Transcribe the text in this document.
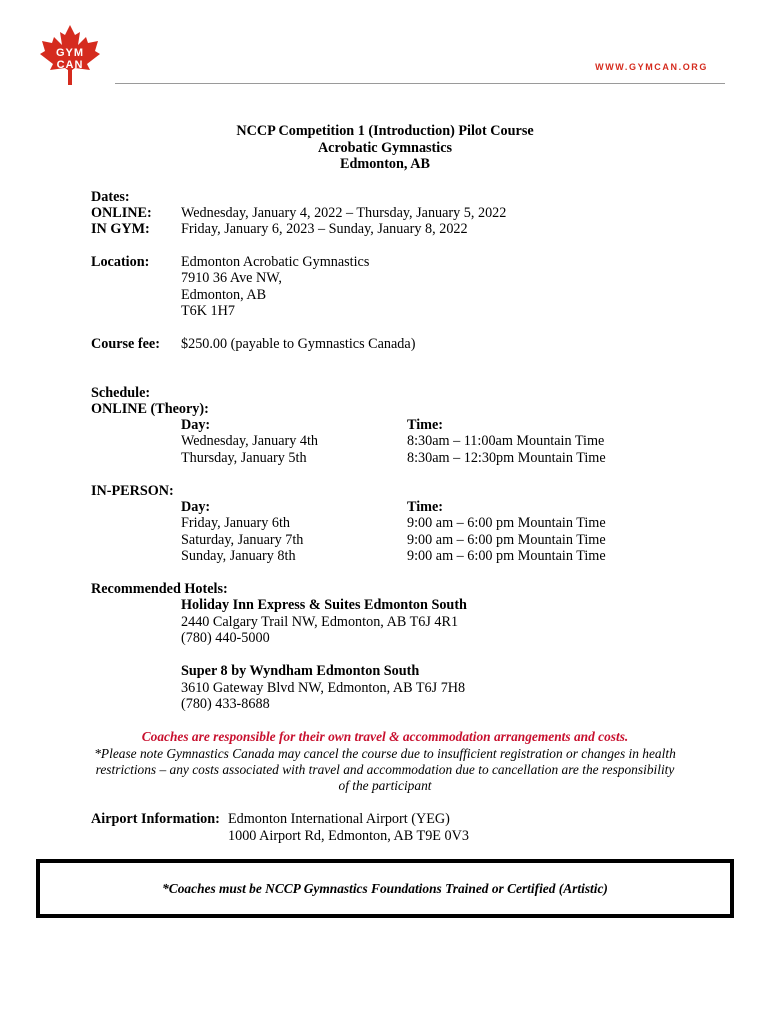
GYM
CAN	WWW.GYMCAN.ORG
NCCP Competition 1 (Introduction) Pilot Course
Acrobatic Gymnastics
Edmonton, AB
Dates:
ONLINE: Wednesday, January 4, 2022 – Thursday, January 5, 2022
IN GYM: Friday, January 6, 2023 – Sunday, January 8, 2022
Location: Edmonton Acrobatic Gymnastics
7910 36 Ave NW,
Edmonton, AB
T6K 1H7
Course fee: $250.00 (payable to Gymnastics Canada)
Schedule:
ONLINE (Theory):
Day:	Time:
Wednesday, January 4th	8:30am – 11:00am Mountain Time
Thursday, January 5th	8:30am – 12:30pm Mountain Time
IN-PERSON:
Day:	Time:
Friday, January 6th	9:00 am – 6:00 pm Mountain Time
Saturday, January 7th	9:00 am – 6:00 pm Mountain Time
Sunday, January 8th	9:00 am – 6:00 pm Mountain Time
Recommended Hotels:
Holiday Inn Express & Suites Edmonton South
2440 Calgary Trail NW, Edmonton, AB T6J 4R1
(780) 440-5000
Super 8 by Wyndham Edmonton South
3610 Gateway Blvd NW, Edmonton, AB T6J 7H8
(780) 433-8688
Coaches are responsible for their own travel & accommodation arrangements and costs.
*Please note Gymnastics Canada may cancel the course due to insufficient registration or changes in health
restrictions – any costs associated with travel and accommodation due to cancellation are the responsibility
of the participant
Airport Information: Edmonton International Airport (YEG)
1000 Airport Rd, Edmonton, AB T9E 0V3
*Coaches must be NCCP Gymnastics Foundations Trained or Certified (Artistic)
